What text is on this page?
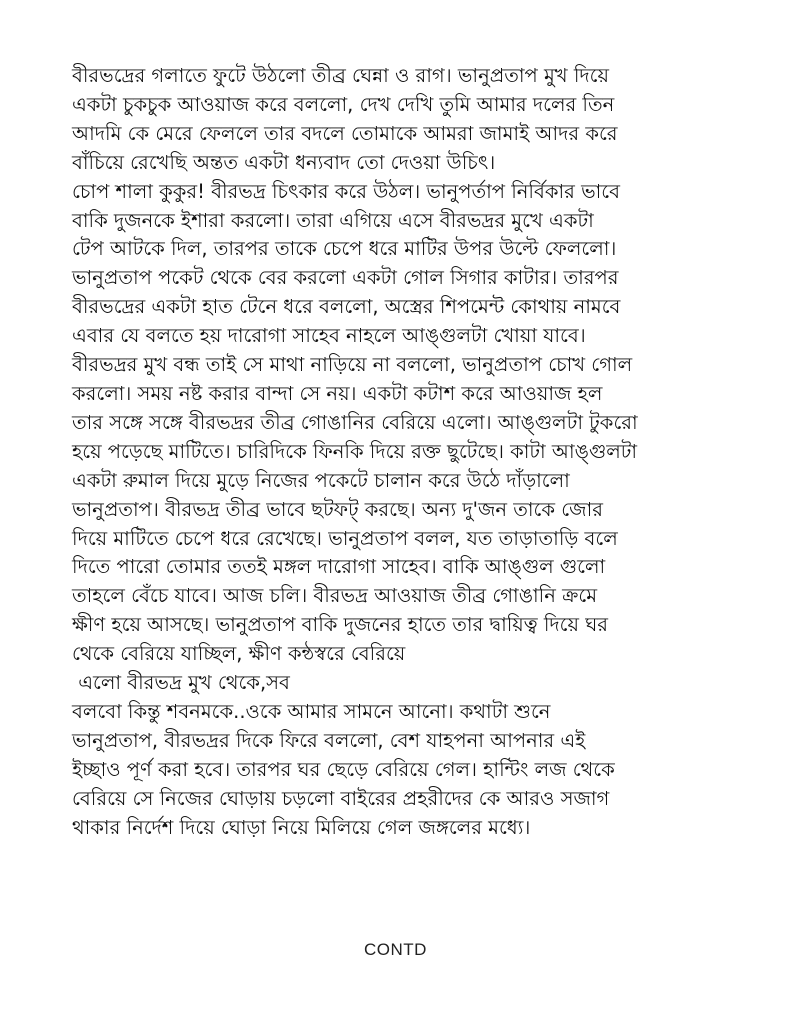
বীরভদ্রের গলাতে ফুটে উঠলো তীব্র ঘেন্না ও রাগ। ভানুপ্রতাপ মুখ দিয়ে
একটা চুকচুক আওয়াজ করে বললো, দেখ দেখি তুমি আমার দলের তিন
আদমি কে মেরে ফেললে তার বদলে তোমাকে আমরা জামাই আদর করে
বাঁচিয়ে রেখেছি অন্তত একটা ধন্যবাদ তো দেওয়া উচিৎ।
চোপ শালা কুকুর! বীরভদ্র চিৎকার করে উঠল। ভানুপর্তাপ নির্বিকার ভাবে
বাকি দুজনকে ইশারা করলো। তারা এগিয়ে এসে বীরভদ্রর মুখে একটা
টেপ আটকে দিল, তারপর তাকে চেপে ধরে মাটির উপর উল্টে ফেললো।
ভানুপ্রতাপ পকেট থেকে বের করলো একটা গোল সিগার কাটার। তারপর
বীরভদ্রের একটা হাত টেনে ধরে বললো, অস্ত্রের শিপমেন্ট কোথায় নামবে
এবার যে বলতে হয় দারোগা সাহেব নাহলে আঙ্গুলটা খোয়া যাবে।
বীরভদ্রর মুখ বন্ধ তাই সে মাথা নাড়িয়ে না বললো, ভানুপ্রতাপ চোখ গোল
করলো। সময় নষ্ট করার বান্দা সে নয়। একটা কটাশ করে আওয়াজ হল
তার সঙ্গে সঙ্গে বীরভদ্রর তীব্র গোঙানির বেরিয়ে এলো। আঙ্গুলটা টুকরো
হয়ে পড়েছে মাটিতে। চারিদিকে ফিনকি দিয়ে রক্ত ছুটেছে। কাটা আঙ্গুলটা
একটা রুমাল দিয়ে মুড়ে নিজের পকেটে চালান করে উঠে দাঁড়ালো
ভানুপ্রতাপ। বীরভদ্র তীব্র ভাবে ছটফট্ করছে। অন্য দু'জন তাকে জোর
দিয়ে মাটিতে চেপে ধরে রেখেছে। ভানুপ্রতাপ বলল, যত তাড়াতাড়ি বলে
দিতে পারো তোমার ততই মঙ্গল দারোগা সাহেব। বাকি আঙ্গুল গুলো
তাহলে বেঁচে যাবে। আজ চলি। বীরভদ্র আওয়াজ তীব্র গোঙানি ক্রমে
ক্ষীণ হয়ে আসছে। ভানুপ্রতাপ বাকি দুজনের হাতে তার দ্বায়িত্ব দিয়ে ঘর
থেকে বেরিয়ে যাচ্ছিল, ক্ষীণ কন্ঠস্বরে বেরিয়ে
এলো বীরভদ্র মুখ থেকে,সব
বলবো কিন্তু শবনমকে..ওকে আমার সামনে আনো। কথাটা শুনে
ভানুপ্রতাপ, বীরভদ্রর দিকে ফিরে বললো, বেশ যাহপনা আপনার এই
ইচ্ছাও পূর্ণ করা হবে। তারপর ঘর ছেড়ে বেরিয়ে গেল। হান্টিং লজ থেকে
বেরিয়ে সে নিজের ঘোড়ায় চড়লো বাইরের প্রহরীদের কে আরও সজাগ
থাকার নির্দেশ দিয়ে ঘোড়া নিয়ে মিলিয়ে গেল জঙ্গলের মধ্যে।
CONTD
